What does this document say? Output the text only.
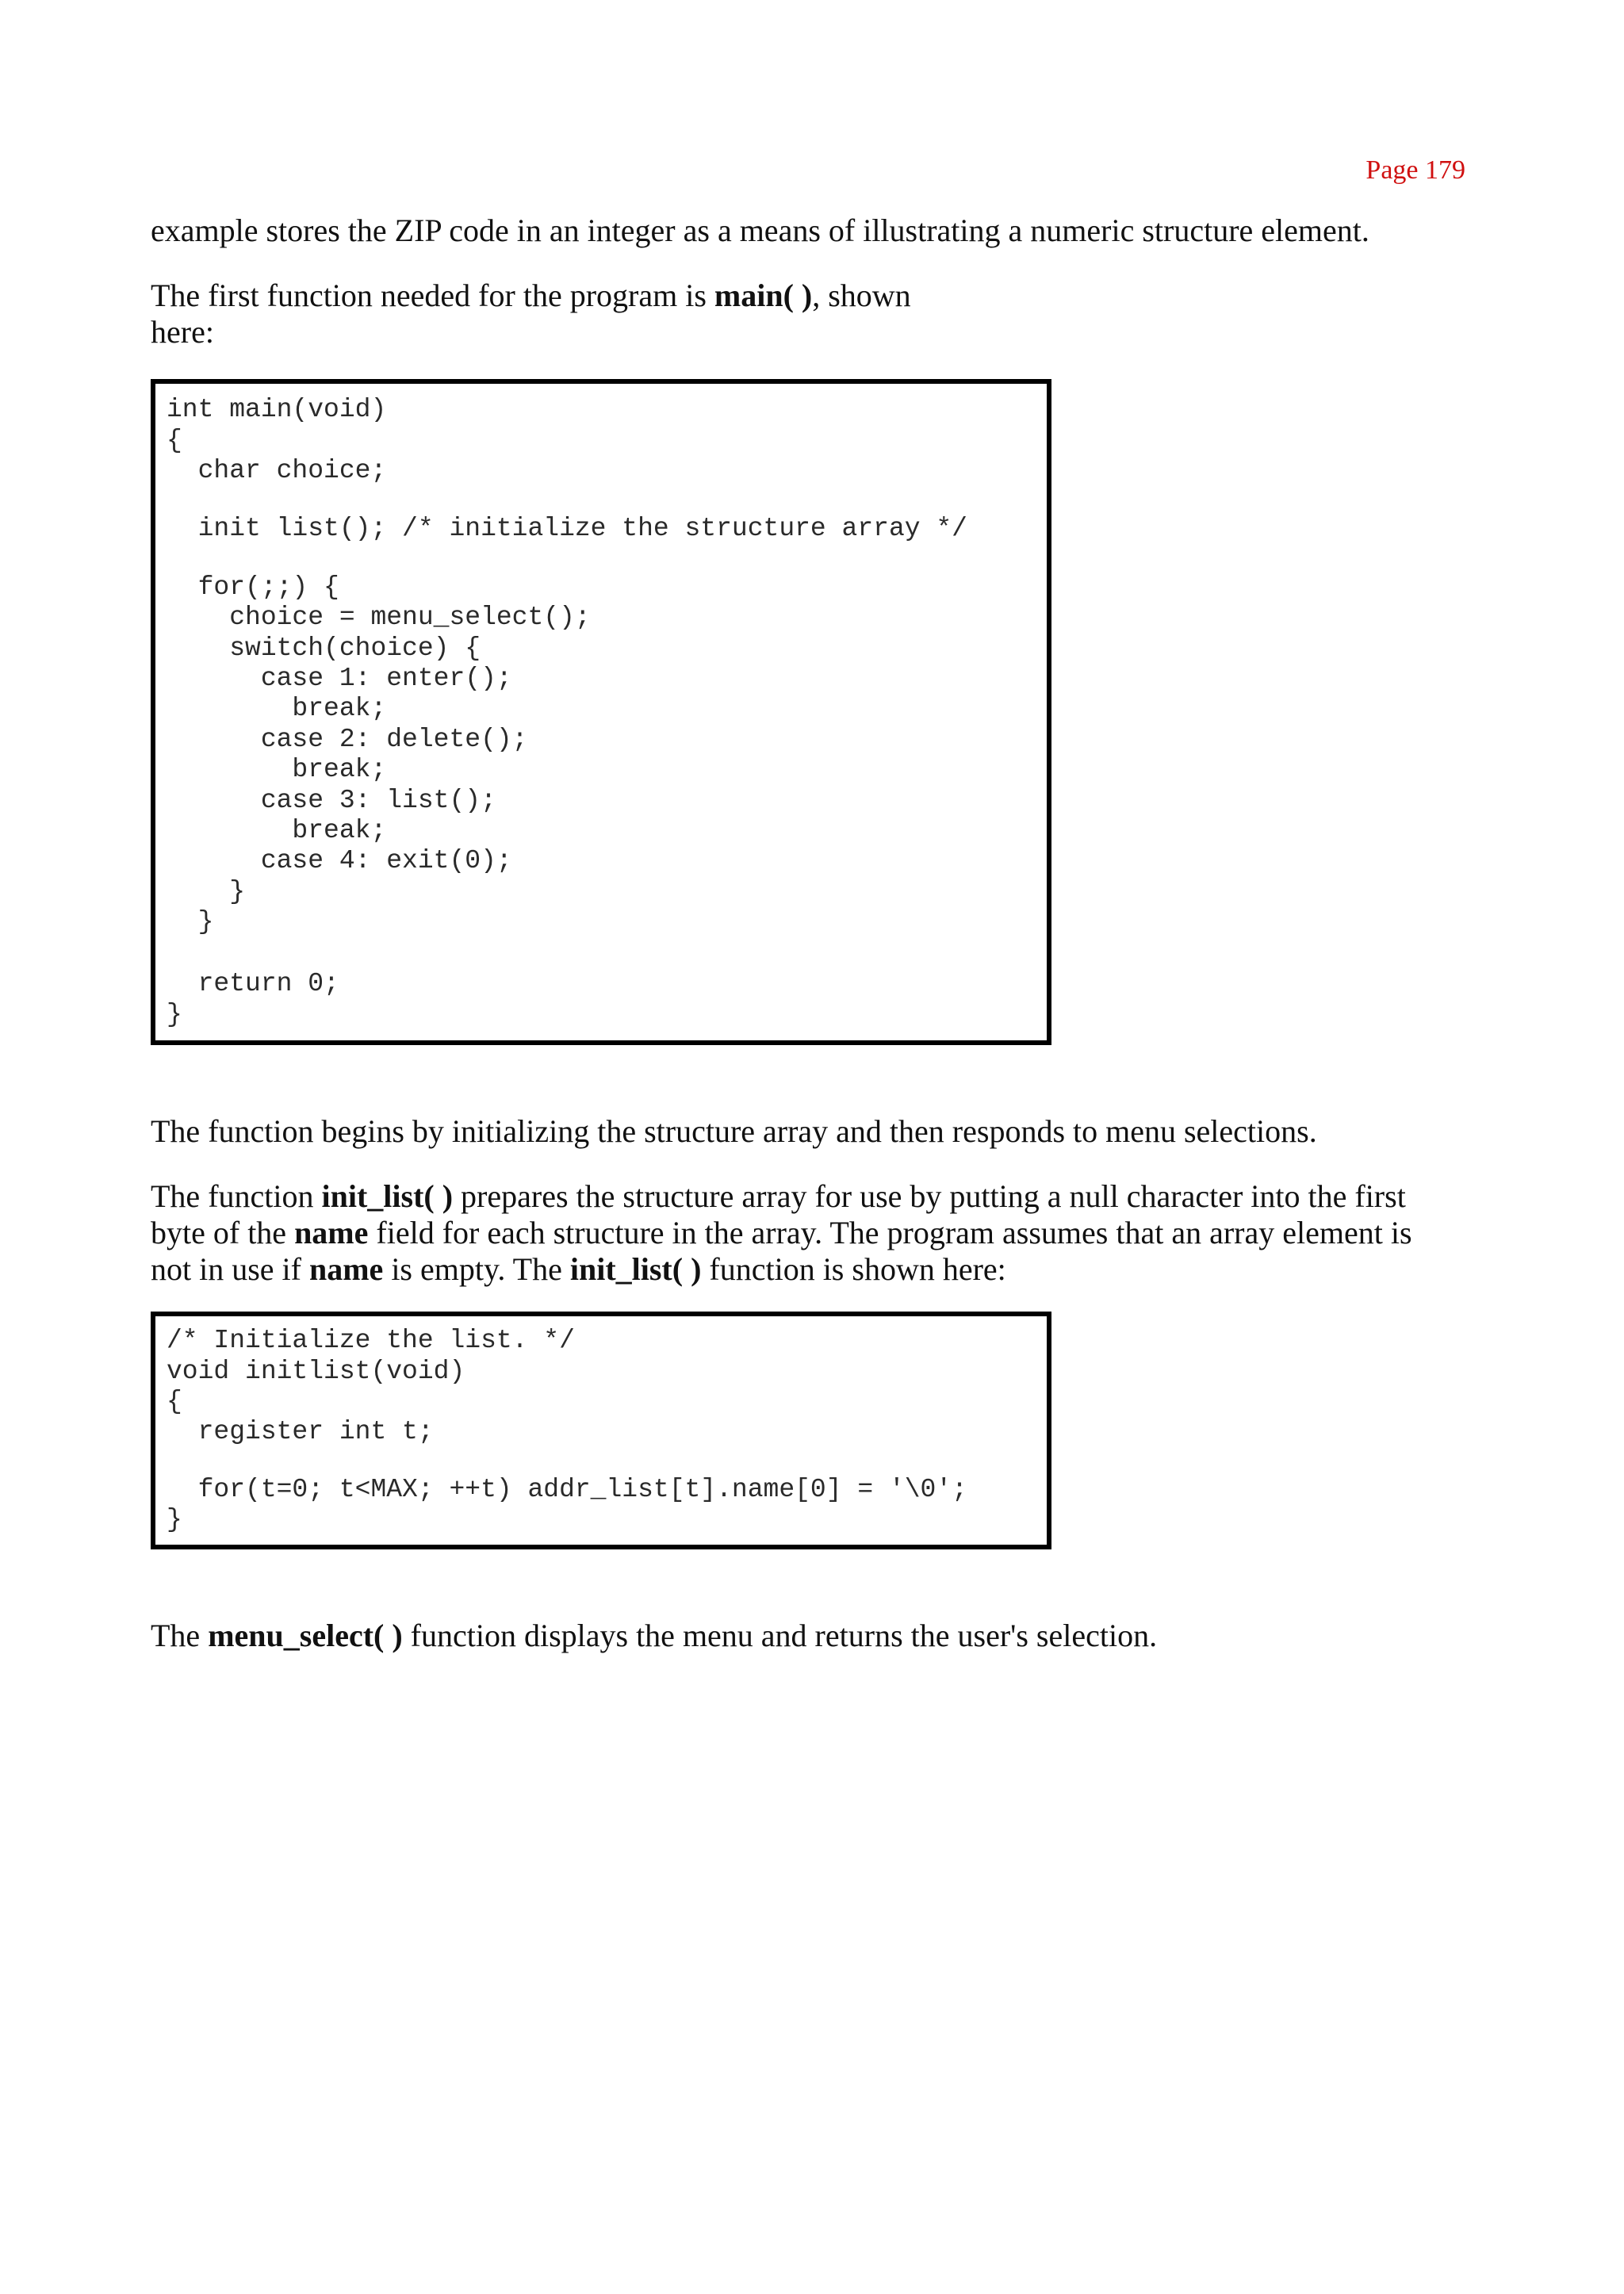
Page 179
example stores the ZIP code in an integer as a means of illustrating a numeric structure element.
The first function needed for the program is main( ), shown
here:
int main(void)
{
char choice;
init list(); /* initialize the structure array */
for(;;) {
choice = menu_select();
switch(choice) {
case 1: enter();
break;
case 2: delete();
break;
case 3: list();
break;
case 4: exit(0);
}
}
return 0;
}
The function begins by initializing the structure array and then responds to menu selections.
The function init_list( ) prepares the structure array for use by putting a null character into the first
byte of the name field for each structure in the array. The program assumes that an array element is
not in use if name is empty. The init_list( ) function is shown here:
/* Initialize the list. */
void initlist(void)
{
register int t;
for(t=0; t<MAX; ++t) addr_list[t].name[0] = '\0';
}
The menu_select( ) function displays the menu and returns the user's selection.
